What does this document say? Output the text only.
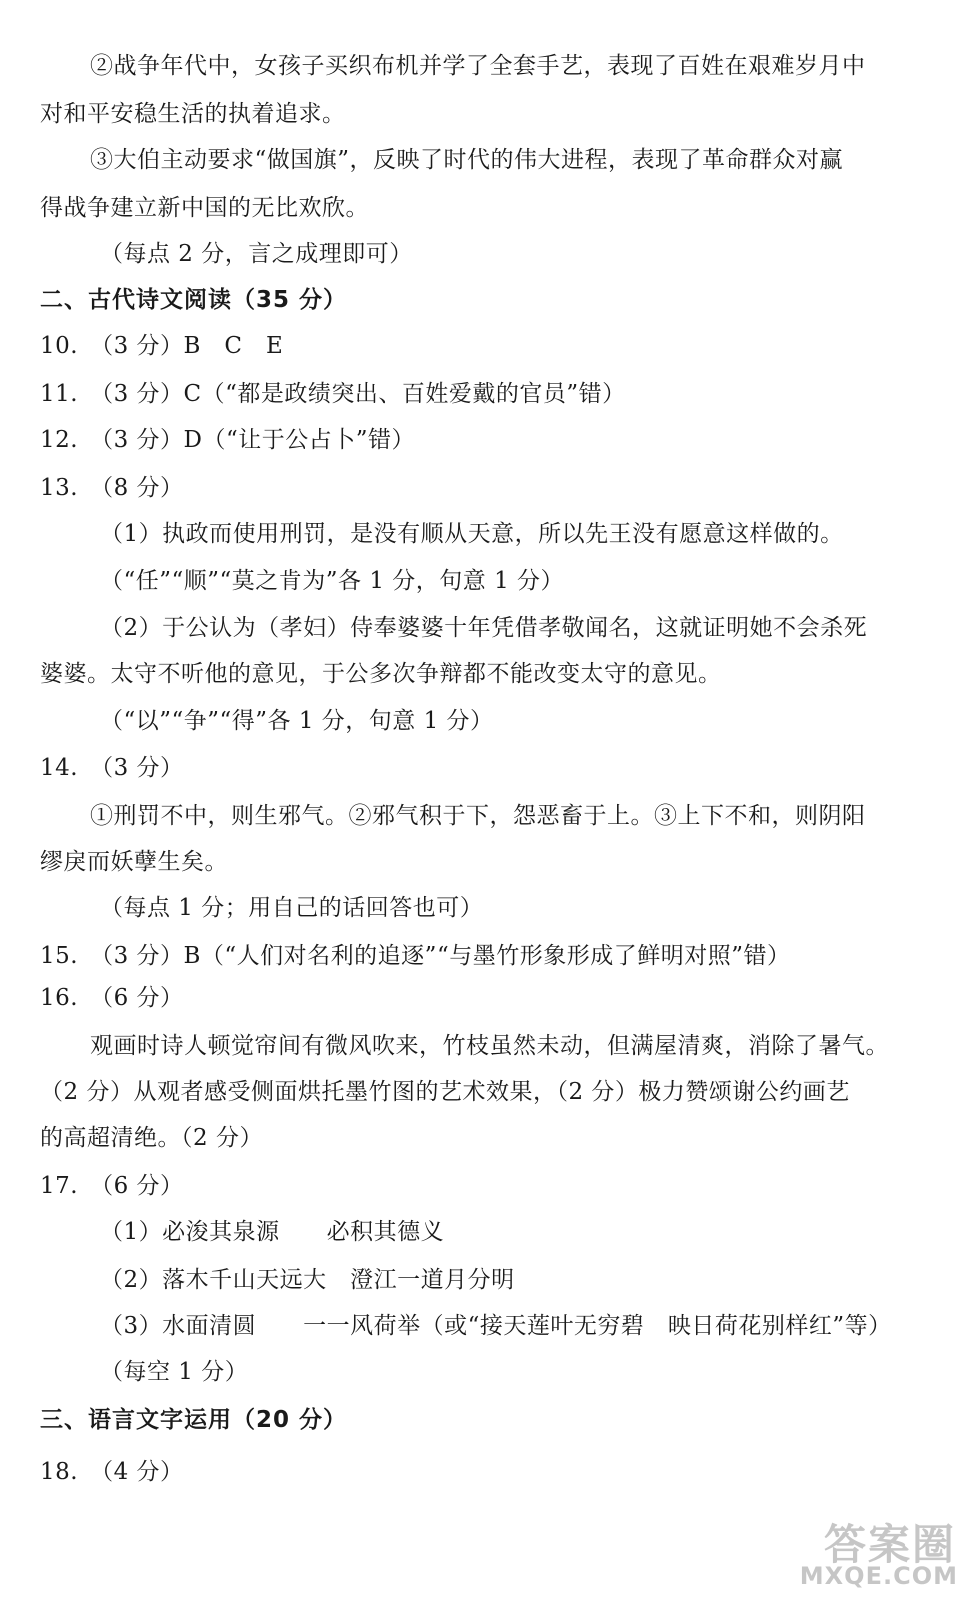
②战争年代中，女孩子买织布机并学了全套手艺，表现了百姓在艰难岁月中
对和平安稳生活的执着追求。
③大伯主动要求“做国旗”，反映了时代的伟大进程，表现了革命群众对赢
得战争建立新中国的无比欢欣。
（每点 2 分，言之成理即可）
二、古代诗文阅读（35 分）
10.　（3 分）B　C　E
11.　（3 分）C（“都是政绩突出、百姓爱戴的官员”错）
12.　（3 分）D（“让于公占卜”错）
13.　（8 分）
（1）执政而使用刑罚，是没有顺从天意，所以先王没有愿意这样做的。
（“任”“顺”“莫之肯为”各 1 分，句意 1 分）
（2）于公认为（孝妇）侍奉婆婆十年凭借孝敬闻名，这就证明她不会杀死
婆婆。太守不听他的意见，于公多次争辩都不能改变太守的意见。
（“以”“争”“得”各 1 分，句意 1 分）
14.　（3 分）
①刑罚不中，则生邪气。②邪气积于下，怨恶畜于上。③上下不和，则阴阳
缪戾而妖孽生矣。
（每点 1 分；用自己的话回答也可）
15.　（3 分）B（“人们对名利的追逐”“与墨竹形象形成了鲜明对照”错）
16.　（6 分）
观画时诗人顿觉帘间有微风吹来，竹枝虽然未动，但满屋清爽，消除了暑气。
（2 分）从观者感受侧面烘托墨竹图的艺术效果，（2 分）极力赞颂谢公约画艺
的高超清绝。（2 分）
17.　（6 分）
（1）必浚其泉源　　必积其德义
（2）落木千山天远大　澄江一道月分明
（3）水面清圆　　一一风荷举（或“接天莲叶无穷碧　映日荷花别样红”等）
（每空 1 分）
三、语言文字运用（20 分）
18.　（4 分）
答案圈
MXQE.COM
